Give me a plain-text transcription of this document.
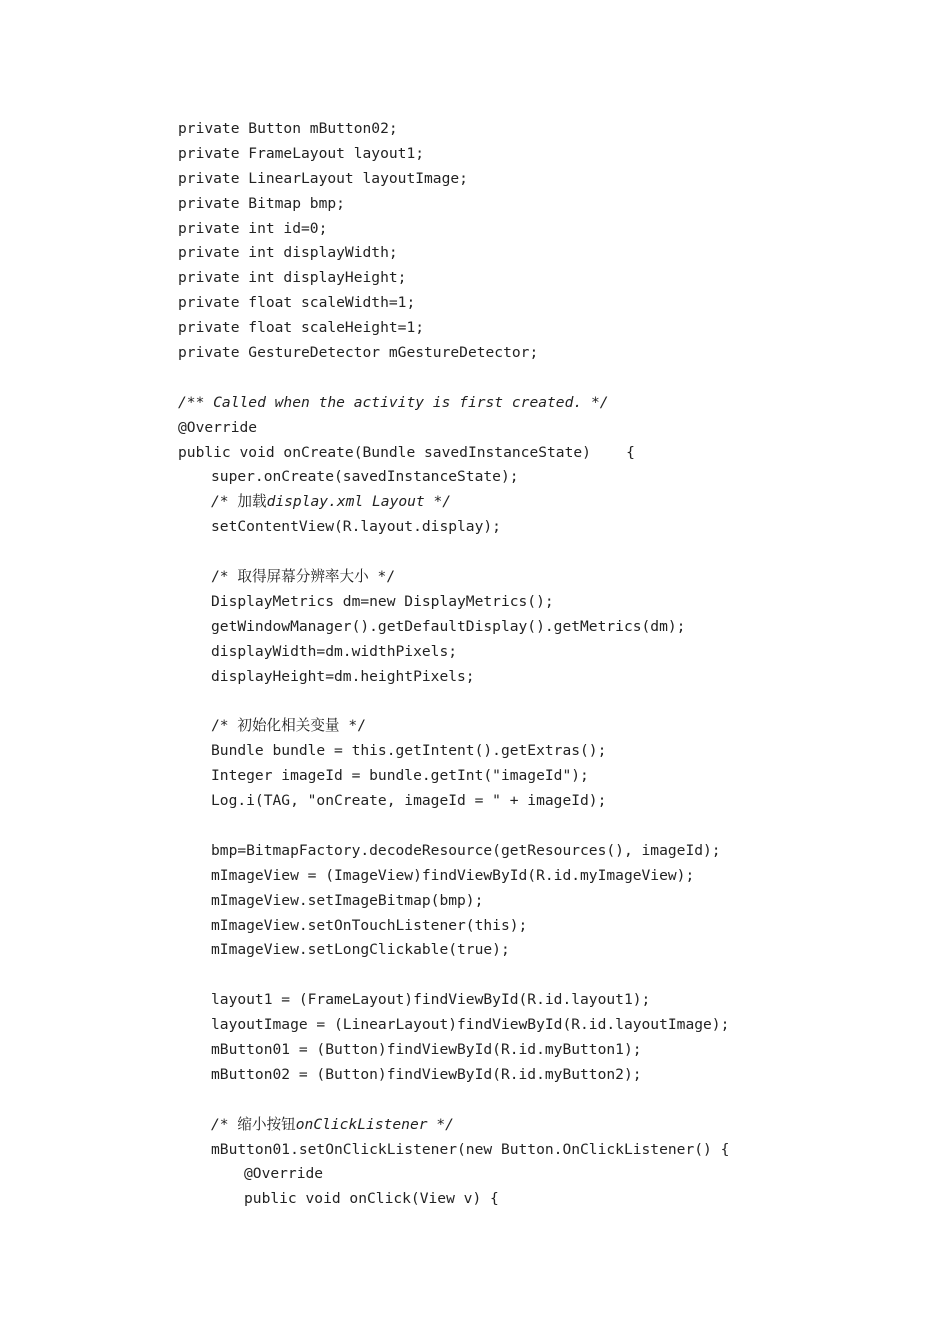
private Button mButton02;
private FrameLayout layout1;
private LinearLayout layoutImage;
private Bitmap bmp;
private int id=0;
private int displayWidth;
private int displayHeight;
private float scaleWidth=1;
private float scaleHeight=1;
private GestureDetector mGestureDetector;
/** Called when the activity is first created. */
@Override
public void onCreate(Bundle savedInstanceState)    {
super.onCreate(savedInstanceState);
/* 加载display.xml Layout */
setContentView(R.layout.display);
/* 取得屏幕分辨率大小 */
DisplayMetrics dm=new DisplayMetrics();
getWindowManager().getDefaultDisplay().getMetrics(dm);
displayWidth=dm.widthPixels;
displayHeight=dm.heightPixels;
/* 初始化相关变量 */
Bundle bundle = this.getIntent().getExtras();
Integer imageId = bundle.getInt("imageId");
Log.i(TAG, "onCreate, imageId = " + imageId);
bmp=BitmapFactory.decodeResource(getResources(), imageId);
mImageView = (ImageView)findViewById(R.id.myImageView);
mImageView.setImageBitmap(bmp);
mImageView.setOnTouchListener(this);
mImageView.setLongClickable(true);
layout1 = (FrameLayout)findViewById(R.id.layout1);
layoutImage = (LinearLayout)findViewById(R.id.layoutImage);
mButton01 = (Button)findViewById(R.id.myButton1);
mButton02 = (Button)findViewById(R.id.myButton2);
/* 缩小按钮onClickListener */
mButton01.setOnClickListener(new Button.OnClickListener() {
@Override
public void onClick(View v) {
